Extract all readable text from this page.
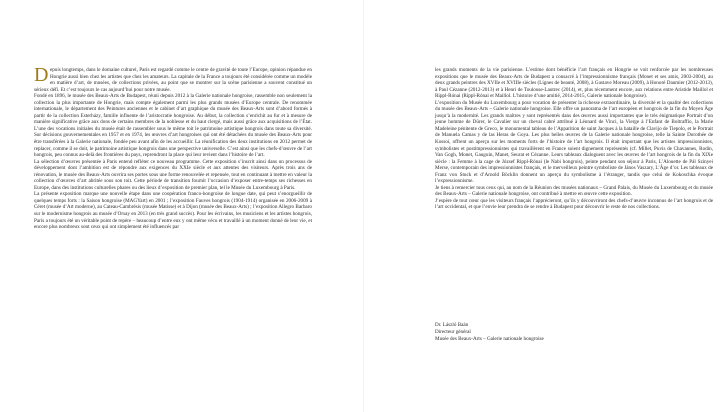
Depuis longtemps, dans le domaine culturel, Paris est regardé comme le centre de gravité de toute l’Europe, opinion répandue en Hongrie aussi bien chez les artistes que chez les amateurs. La capitale de la France a toujours été considérée comme un modèle en matière d’art, de musées, de collections privées, au point que se montrer sur la scène parisienne a souvent constitué un sérieux défi. Et c’est toujours le cas aujourd’hui pour notre musée.

Fondé en 1896, le musée des Beaux-Arts de Budapest, réuni depuis 2012 à la Galerie nationale hongroise, rassemble non seulement la collection la plus importante de Hongrie, mais compte également parmi les plus grands musées d’Europe centrale. De renommée internationale, le département des Peintures anciennes et le cabinet d’art graphique du musée des Beaux-Arts sont d’abord formés à partir de la collection Esterházy, famille influente de l’aristocratie hongroise. Au début, la collection s’enrichit au fur et à mesure de manière significative grâce aux dons de certains membres de la noblesse et du haut clergé, mais aussi grâce aux acquisitions de l’État. L’une des vocations initiales du musée était de rassembler sous le même toit le patrimoine artistique hongrois dans toute sa diversité. Sur décisions gouvernementales en 1957 et en 1974, les œuvres d’art hongroises qui ont été détachées du musée des Beaux-Arts pour être transférées à la Galerie nationale, fondée peu avant afin de les accueillir. La réunification des deux institutions en 2012 permet de replacer, comme il se doit, le patrimoine artistique hongrois dans une perspective universelle. C’est ainsi que les chefs-d’œuvre de l’art hongrois, peu connus au-delà des frontières du pays, reprendront la place qui leur revient dans l’histoire de l’art.

La sélection d’œuvres présentée à Paris entend refléter ce nouveau programme. Cette exposition s’inscrit ainsi dans un processus de développement dont l’ambition est de répondre aux exigences du XXIe siècle et aux attentes des visiteurs. Après trois ans de rénovation, le musée des Beaux-Arts ouvrira ses portes sous une forme renouvelée et repensée, tout en continuant à mettre en valeur la collection d’œuvres d’art abritée sous son toit. Cette période de transition fournit l’occasion d’exposer entre-temps ses richesses en Europe, dans des institutions culturelles phares ou des lieux d’exposition de premier plan, tel le Musée du Luxembourg à Paris.

La présente exposition marque une nouvelle étape dans une coopération franco-hongroise de longue date, qui peut s’enorgueillir de quelques temps forts : la Saison hongroise (MAGYart) en 2001 ; l’exposition Fauves hongrois (1904-1914) organisée en 2006-2009 à Céret (musée d’Art moderne), au Cateau-Cambrésis (musée Matisse) et à Dijon (musée des Beaux-Arts) ; l’exposition Allegro Barbaro sur le modernisme hongrois au musée d’Orsay en 2013 (en très grand succès). Pour les écrivains, les musiciens et les artistes hongrois, Paris a toujours été un véritable point de repère – beaucoup d’entre eux y ont même vécu et travaillé à un moment donné de leur vie, et encore plus nombreux sont ceux qui ont simplement été influencés par

les grands moments de la vie parisienne. L’estime dont bénéficie l’art français en Hongrie se voit renforcée par les nombreuses expositions que le musée des Beaux-Arts de Budapest a consacré à l’impressionnisme français (Monet et ses amis, 2003-2004), au deux grands peintres des XVIIe et XVIIIe siècles (Lignes de beauté, 2008), à Gustave Moreau (2009), à Honoré Daumier (2012-2013), à Paul Cézanne (2012-2013) et à Henri de Toulouse-Lautrec (2014), et, plus récemment encore, aux relations entre Aristide Maillol et Rippl-Rónai (Rippl-Rónai et Maillol. L’histoire d’une amitié, 2014-2015, Galerie nationale hongroise).

L’exposition du Musée du Luxembourg a pour vocation de présenter la richesse extraordinaire, la diversité et la qualité des collections du musée des Beaux-Arts – Galerie nationale hongroise. Elle offre un panorama de l’art européen et hongrois de la fin du Moyen Âge jusqu’à la modernité. Les grands maîtres y sont représentés dans des œuvres aussi importantes que le très énigmatique Portrait d’un jeune homme de Dürer, le Cavalier sur un cheval cabré attribué à Léonard de Vinci, la Vierge à l’Enfant de Boltraffio, la Marie Madeleine pénitente de Greco, le monumental tableau de l’Apparition de saint Jacques à la bataille de Clavijo de Tiepolo, et le Portrait de Manuela Camas y de las Heras de Goya. Les plus belles œuvres de la Galerie nationale hongroise, telle la Sainte Dorothée de Kossoi, offrent un aperçu sur les moments forts de l’histoire de l’art hongrois. Il était important que les artistes impressionnistes, symbolistes et postimpressionnistes qui travaillèrent en France soient dignement représentés (cf. Millet, Puvis de Chavannes, Rodin, Van Gogh, Monet, Gauguin, Manet, Seurat et Cézanne. Leurs tableaux dialoguent avec les œuvres de l’art hongrois de la fin du XIXe siècle : la Femme à la cage de József Rippl-Rónai (le Nabi hongrois), peinte pendant son séjour à Paris, L’Alouette de Pál Szinyei Merse, contemporain des impressionnistes français, et le merveilleux peintre symboliste de János Vaszary, L’Âge d’or. Les tableaux de Franz von Stuck et d’Arnold Böcklin donnent un aperçu du symbolisme à l’étranger, tandis que celui de Kokoschka évoque l’expressionnisme.

Je tiens à remercier tous ceux qui, au nom de la Réunion des musées nationaux – Grand Palais, du Musée du Luxembourg et du musée des Beaux-Arts – Galerie nationale hongroise, ont contribué à mettre en œuvre cette exposition.

J’espère de tout cœur que les visiteurs français l’apprécieront, qu’ils y découvriront des chefs-d’œuvre inconnus de l’art hongrois et de l’art occidental, et que l’envie leur prendra de se rendre à Budapest pour découvrir le reste de nos collections.

Dr. László Baán
Directeur général
Musée des Beaux-Arts – Galerie nationale hongroise
